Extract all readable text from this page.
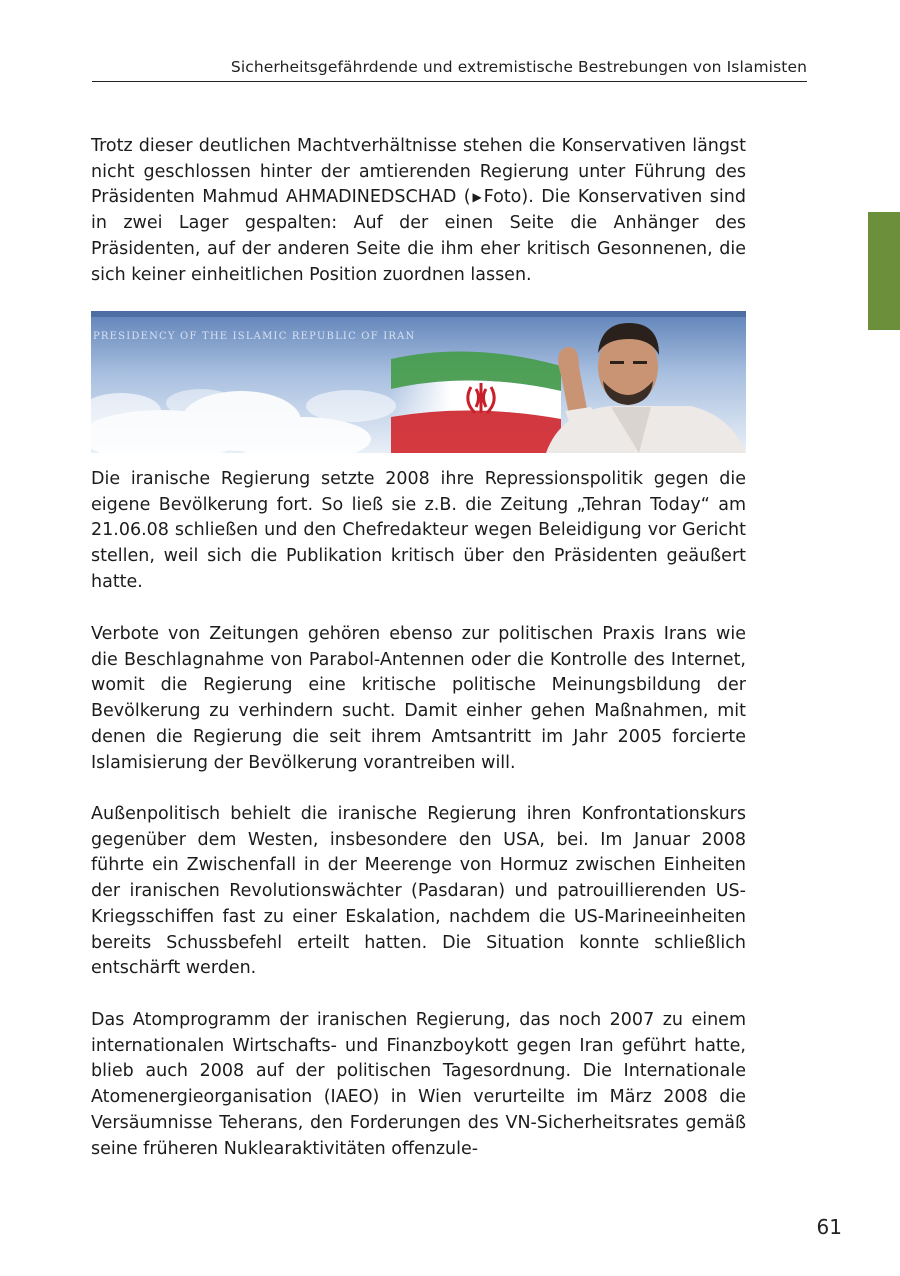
Sicherheitsgefährdende und extremistische Bestrebungen von Islamisten

Trotz dieser deutlichen Machtverhältnisse stehen die Konservativen längst nicht geschlossen hinter der amtierenden Regierung unter Führung des Präsidenten Mahmud AHMADINEDSCHAD (▶Foto). Die Konservativen sind in zwei Lager gespalten: Auf der einen Seite die Anhänger des Präsidenten, auf der anderen Seite die ihm eher kritisch Gesonnenen, die sich keiner einheitlichen Position zuordnen lassen.

PRESIDENCY OF THE ISLAMIC REPUBLIC OF IRAN

Die iranische Regierung setzte 2008 ihre Repressionspolitik gegen die eigene Bevölkerung fort. So ließ sie z.B. die Zeitung „Tehran Today“ am 21.06.08 schließen und den Chefredakteur wegen Beleidigung vor Gericht stellen, weil sich die Publikation kritisch über den Präsidenten geäußert hatte.

Verbote von Zeitungen gehören ebenso zur politischen Praxis Irans wie die Beschlagnahme von Parabol-Antennen oder die Kontrolle des Internet, womit die Regierung eine kritische politische Meinungsbildung der Bevölkerung zu verhindern sucht. Damit einher gehen Maßnahmen, mit denen die Regierung die seit ihrem Amtsantritt im Jahr 2005 forcierte Islamisierung der Bevölkerung vorantreiben will.

Außenpolitisch behielt die iranische Regierung ihren Konfrontationskurs gegenüber dem Westen, insbesondere den USA, bei. Im Januar 2008 führte ein Zwischenfall in der Meerenge von Hormuz zwischen Einheiten der iranischen Revolutionswächter (Pasdaran) und patrouillierenden US-Kriegsschiffen fast zu einer Eskalation, nachdem die US-Marineeinheiten bereits Schussbefehl erteilt hatten. Die Situation konnte schließlich entschärft werden.

Das Atomprogramm der iranischen Regierung, das noch 2007 zu einem internationalen Wirtschafts- und Finanzboykott gegen Iran geführt hatte, blieb auch 2008 auf der politischen Tagesordnung. Die Internationale Atomenergieorganisation (IAEO) in Wien verurteilte im März 2008 die Versäumnisse Teherans, den Forderungen des VN-Sicherheitsrates gemäß seine früheren Nuklearaktivitäten offenzule-

61
